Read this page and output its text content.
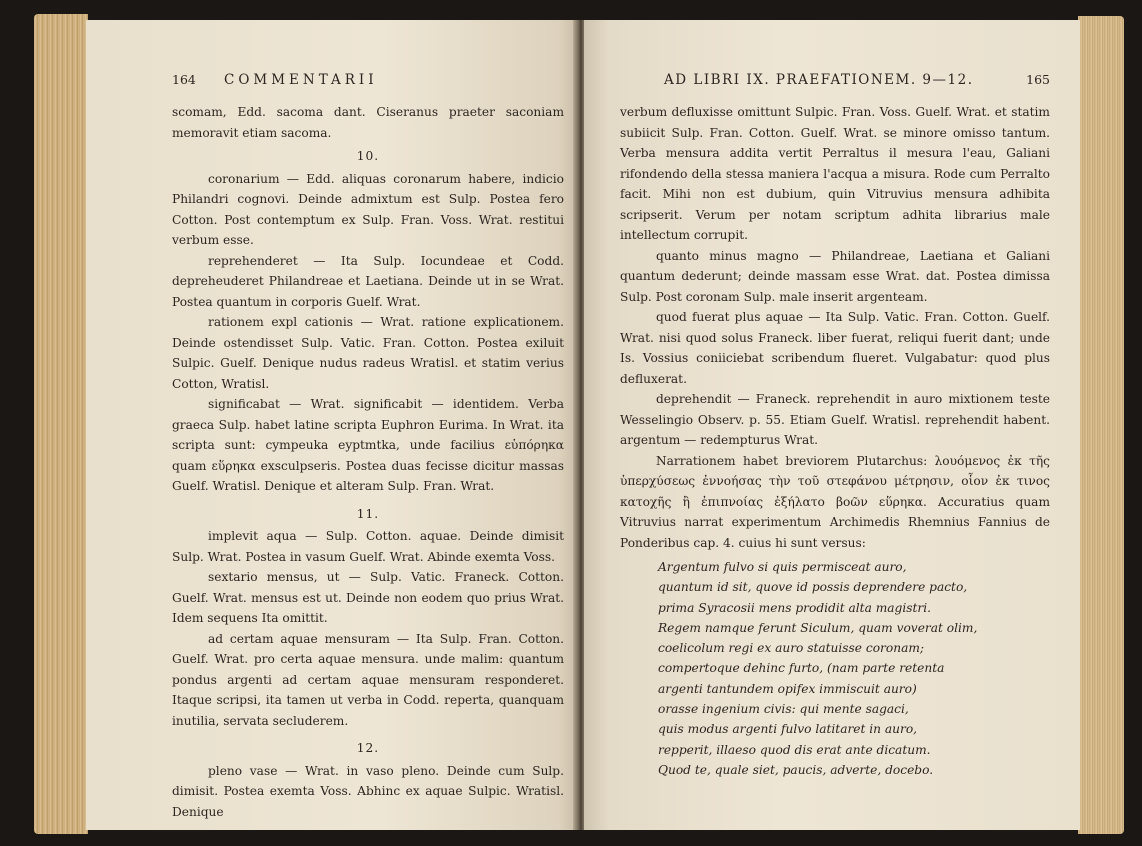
164 COMMENTARII

scomam, Edd. sacoma dant. Ciseranus praeter saconiam memoravit etiam sacoma.

10.

coronarium — Edd. aliquas coronarum habere, indicio Philandri cognovi. Deinde admixtum est Sulp. Postea fero Cotton. Post contemptum ex Sulp. Fran. Voss. Wrat. restitui verbum esse.

reprehenderet — Ita Sulp. Iocundeae et Codd. depreheuderet Philandreae et Laetiana. Deinde ut in se Wrat. Postea quantum in corporis Guelf. Wrat.

rationem expl cationis — Wrat. ratione explicationem. Deinde ostendisset Sulp. Vatic. Fran. Cotton. Postea exiluit Sulpic. Guelf. Denique nudus radeus Wratisl. et statim verius Cotton, Wratisl.

significabat — Wrat. significabit — identidem. Verba graeca Sulp. habet latine scripta Euphron Eurima. In Wrat. ita scripta sunt: cympeuka eyptmtka, unde facilius εὑπόρηκα quam εὕρηκα exsculpseris. Postea duas fecisse dicitur massas Guelf. Wratisl. Denique et alteram Sulp. Fran. Wrat.

11.

implevit aqua — Sulp. Cotton. aquae. Deinde dimisit Sulp. Wrat. Postea in vasum Guelf. Wrat. Abinde exemta Voss.

sextario mensus, ut — Sulp. Vatic. Franeck. Cotton. Guelf. Wrat. mensus est ut. Deinde non eodem quo prius Wrat. Idem sequens Ita omittit.

ad certam aquae mensuram — Ita Sulp. Fran. Cotton. Guelf. Wrat. pro certa aquae mensura. unde malim: quantum pondus argenti ad certam aquae mensuram responderet. Itaque scripsi, ita tamen ut verba in Codd. reperta, quanquam inutilia, servata secluderem.

12.

pleno vase — Wrat. in vaso pleno. Deinde cum Sulp. dimisit. Postea exemta Voss. Abhinc ex aquae Sulpic. Wratisl. Denique

AD LIBRI IX. PRAEFATIONEM. 9—12.	165

verbum defluxisse omittunt Sulpic. Fran. Voss. Guelf. Wrat. et statim subiicit Sulp. Fran. Cotton. Guelf. Wrat. se minore omisso tantum. Verba mensura addita vertit Perraltus il mesura l'eau, Galiani rifondendo della stessa maniera l'acqua a misura. Rode cum Perralto facit. Mihi non est dubium, quin Vitruvius mensura adhibita scripserit. Verum per notam scriptum adhita librarius male intellectum corrupit.

quanto minus magno — Philandreae, Laetiana et Galiani quantum dederunt; deinde massam esse Wrat. dat. Postea dimissa Sulp. Post coronam Sulp. male inserit argenteam.

quod fuerat plus aquae — Ita Sulp. Vatic. Fran. Cotton. Guelf. Wrat. nisi quod solus Franeck. liber fuerat, reliqui fuerit dant; unde Is. Vossius coniiciebat scribendum flueret. Vulgabatur: quod plus defluxerat.

deprehendit — Franeck. reprehendit in auro mixtionem teste Wesselingio Observ. p. 55. Etiam Guelf. Wratisl. reprehendit habent. argentum — redempturus Wrat.

Narrationem habet breviorem Plutarchus: λουόμενος ἐκ τῆς ὑπερχύσεως ἐννοήσας τὴν τοῦ στεφάνου μέτρησιν, οἷον ἐκ τινος κατοχῆς ἢ ἐπιπνοίας ἐξήλατο βοῶν εὕρηκα. Accuratius quam Vitruvius narrat experimentum Archimedis Rhemnius Fannius de Ponderibus cap. 4. cuius hi sunt versus:

Argentum fulvo si quis permisceat auro,
quantum id sit, quove id possis deprendere pacto,
prima Syracosii mens prodidit alta magistri.
Regem namque ferunt Siculum, quam voverat olim,
coelicolum regi ex auro statuisse coronam;
compertoque dehinc furto, (nam parte retenta
argenti tantundem opifex immiscuit auro)
orasse ingenium civis: qui mente sagaci,
quis modus argenti fulvo latitaret in auro,
repperit, illaeso quod dis erat ante dicatum.
Quod te, quale siet, paucis, adverte, docebo.
